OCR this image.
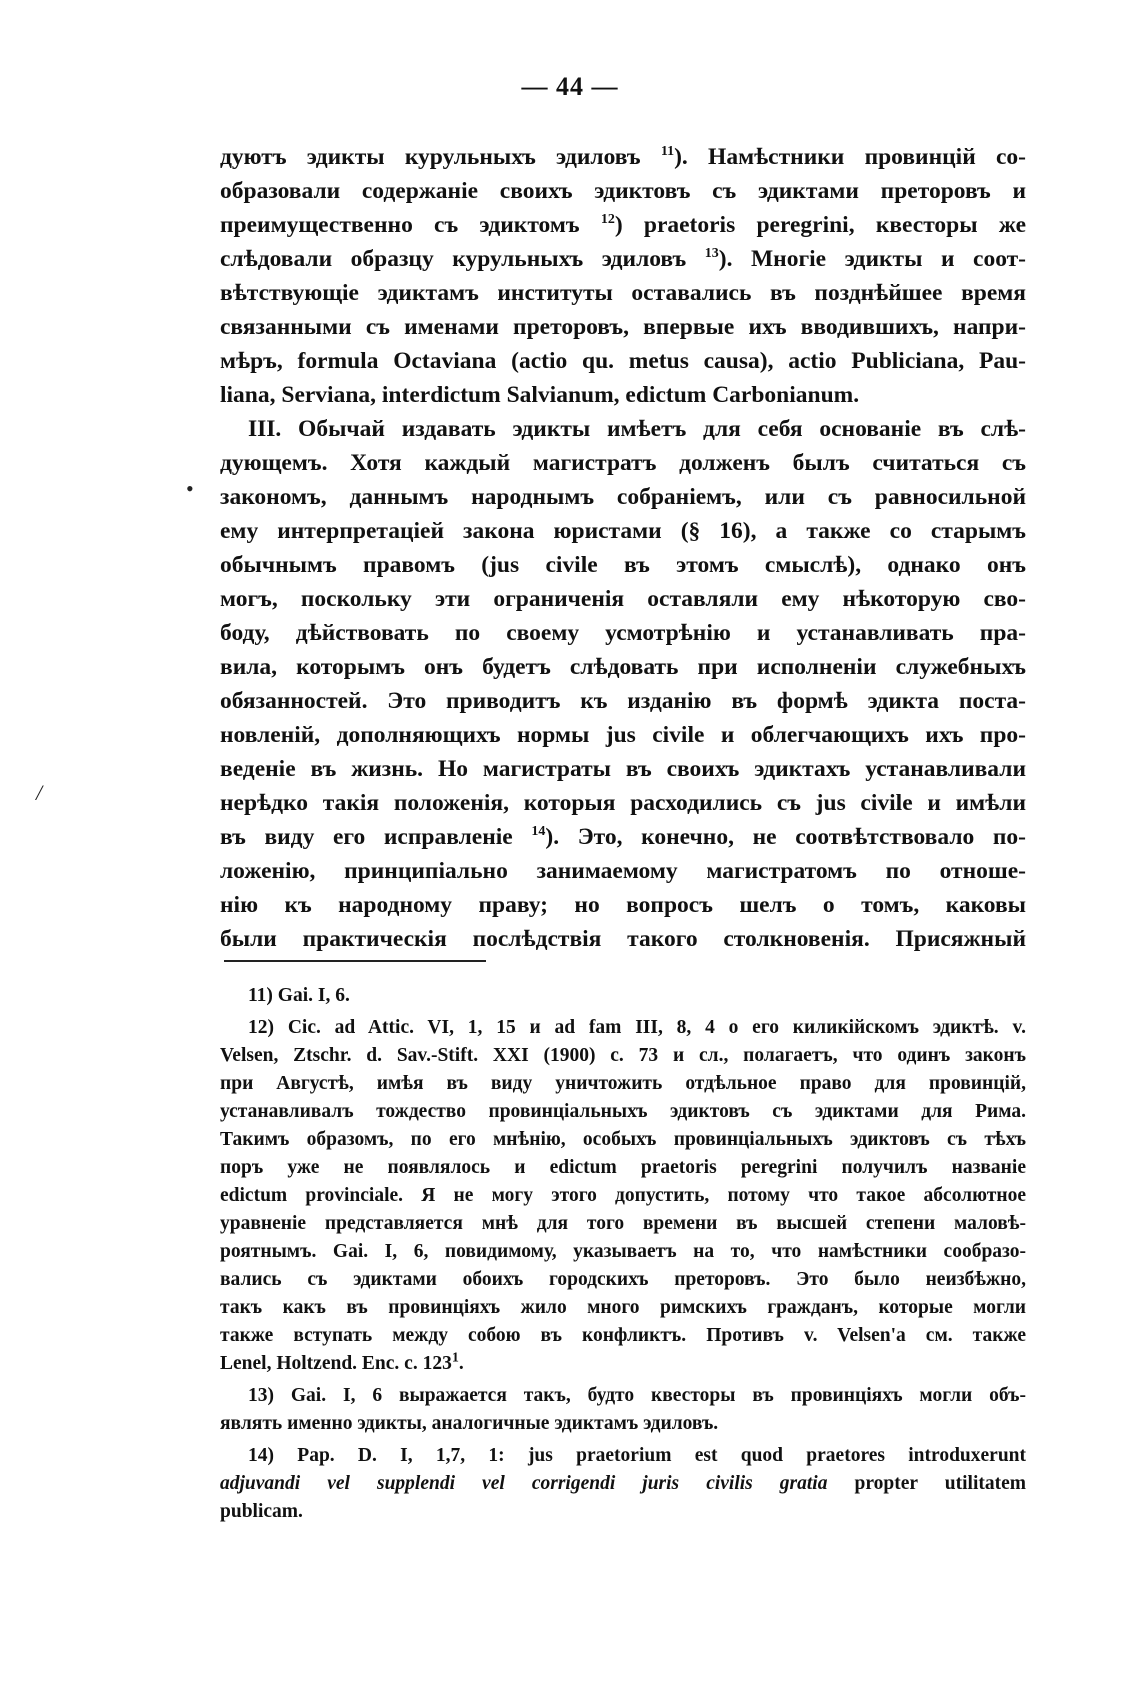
— 44 —
•
/
дуютъ эдикты курульныхъ эдиловъ $^{11}$). Намѣстники провинцій со-
образовали содержаніе своихъ эдиктовъ съ эдиктами преторовъ и
преимущественно съ эдиктомъ $^{12}$) praetoris peregrini, квесторы же
слѣдовали образцу курульныхъ эдиловъ $^{13}$). Многіе эдикты и соот-
вѣтствующіе эдиктамъ институты оставались въ позднѣйшее время
связанными съ именами преторовъ, впервые ихъ вводившихъ, напри-
мѣръ, formula Octaviana (actio qu. metus causa), actio Publiciana, Pau-
liana, Serviana, interdictum Salvianum, edictum Carbonianum.
III. Обычай издавать эдикты имѣетъ для себя основаніе въ слѣ-
дующемъ. Хотя каждый магистратъ долженъ былъ считаться съ
закономъ, даннымъ народнымъ собраніемъ, или съ равносильной
ему интерпретаціей закона юристами (§ 16), а также со старымъ
обычнымъ правомъ (jus civile въ этомъ смыслѣ), однако онъ
могъ, поскольку эти ограниченія оставляли ему нѣкоторую сво-
боду, дѣйствовать по своему усмотрѣнію и устанавливать пра-
вила, которымъ онъ будетъ слѣдовать при исполненіи служебныхъ
обязанностей. Это приводитъ къ изданію въ формѣ эдикта поста-
новленій, дополняющихъ нормы jus civile и облегчающихъ ихъ про-
веденіе въ жизнь. Но магистраты въ своихъ эдиктахъ устанавливали
нерѣдко такія положенія, которыя расходились съ jus civile и имѣли
въ виду его исправленіе $^{14}$). Это, конечно, не соотвѣтствовало по-
ложенію, принципіально занимаемому магистратомъ по отноше-
нію къ народному праву; но вопросъ шелъ о томъ, каковы
были практическія послѣдствія такого столкновенія. Присяжный
11) Gai. I, 6.
12) Cic. ad Attic. VI, 1, 15 и ad fam III, 8, 4 о его киликійскомъ эдиктѣ. v.
Velsen, Ztschr. d. Sav.-Stift. XXI (1900) с. 73 и сл., полагаетъ, что одинъ законъ
при Августѣ, имѣя въ виду уничтожить отдѣльное право для провинцій,
устанавливалъ тождество провинціальныхъ эдиктовъ съ эдиктами для Рима.
Такимъ образомъ, по его мнѣнію, особыхъ провинціальныхъ эдиктовъ съ тѣхъ
поръ уже не появлялось и edictum praetoris peregrini получилъ названіе
edictum provinciale. Я не могу этого допустить, потому что такое абсолютное
уравненіе представляется мнѣ для того времени въ высшей степени маловѣ-
роятнымъ. Gai. I, 6, повидимому, указываетъ на то, что намѣстники сообразо-
вались съ эдиктами обоихъ городскихъ преторовъ. Это было неизбѣжно,
такъ какъ въ провинціяхъ жило много римскихъ гражданъ, которые могли
также вступать между собою въ конфликтъ. Противъ v. Velsen'a см. также
Lenel, Holtzend. Enc. c. $123^1$.
13) Gai. I, 6 выражается такъ, будто квесторы въ провинціяхъ могли объ-
являть именно эдикты, аналогичные эдиктамъ эдиловъ.
14) Pap. D. I, 1,7, 1: jus praetorium est quod praetores introduxerunt
adjuvandi vel supplendi vel corrigendi juris civilis gratia propter utilitatem
publicam.
